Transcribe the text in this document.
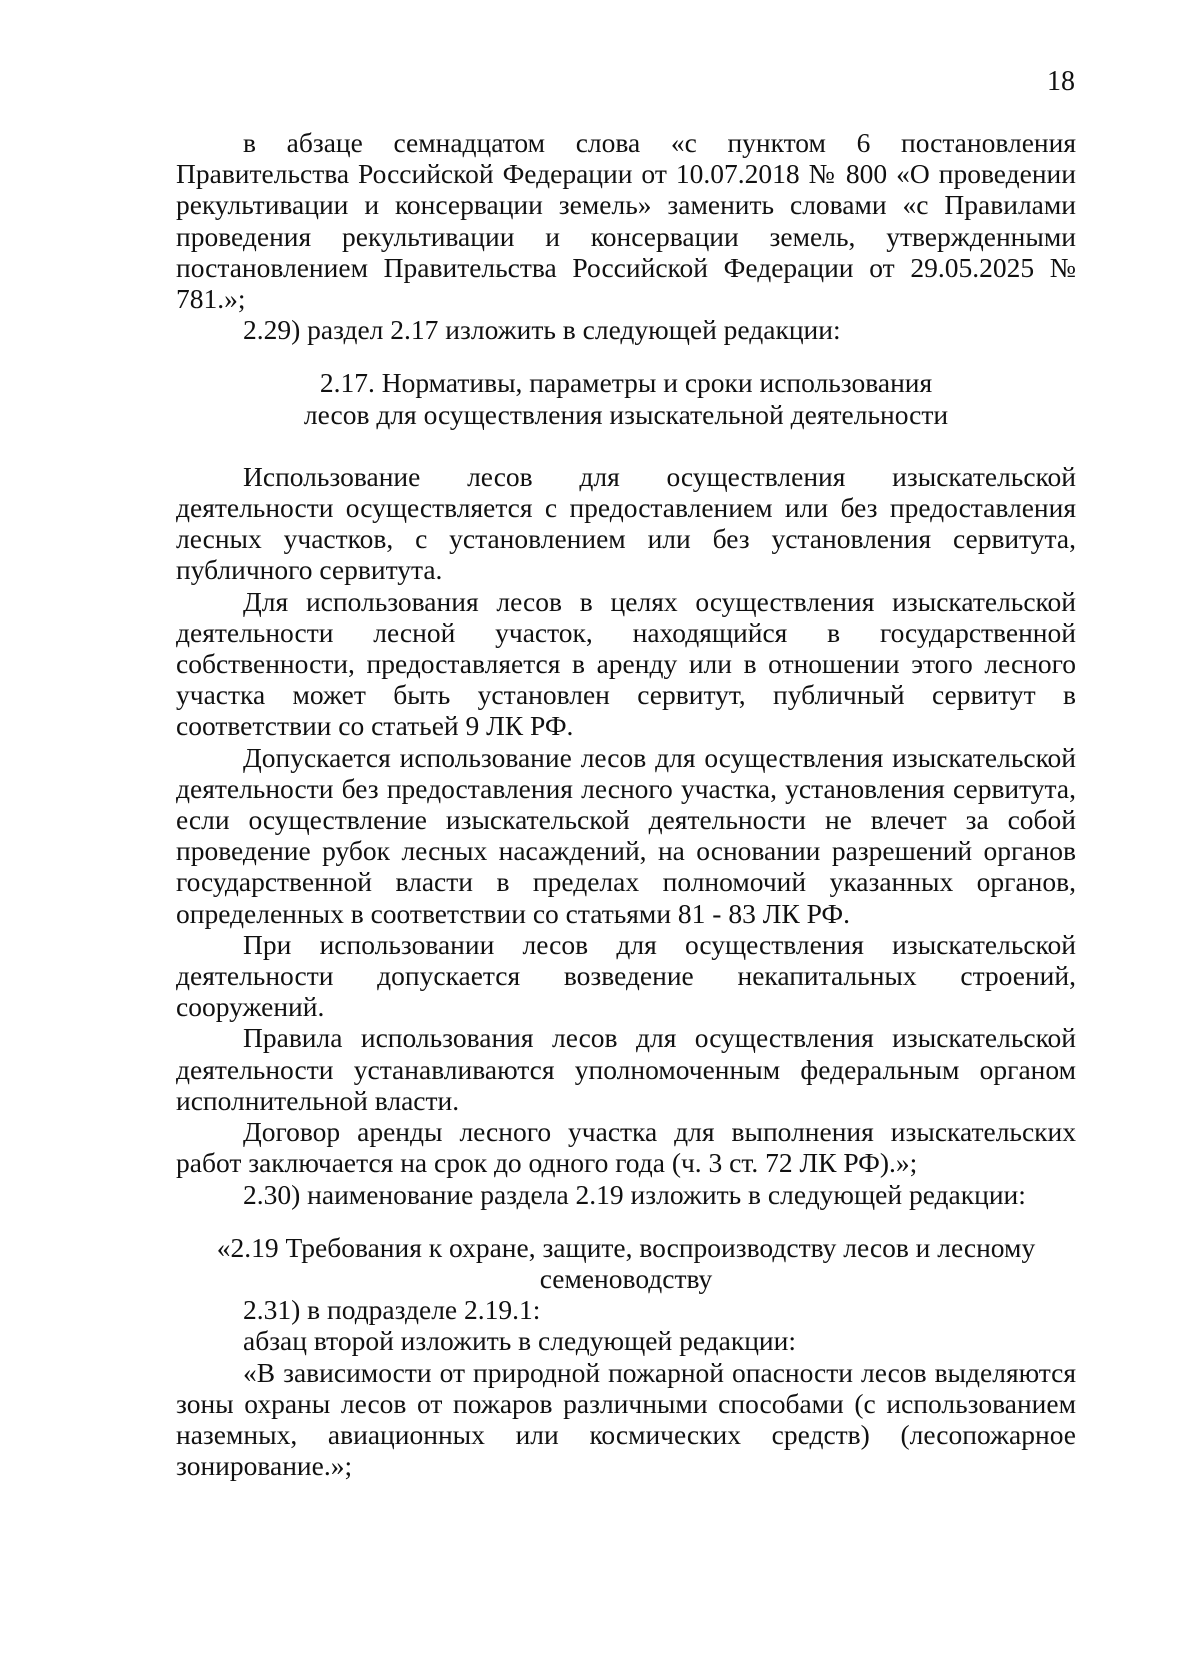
18

в абзаце семнадцатом слова «с пунктом 6 постановления Правительства Российской Федерации от 10.07.2018 № 800 «О проведении рекультивации и консервации земель» заменить словами «с Правилами проведения рекультивации и консервации земель, утвержденными постановлением Правительства Российской Федерации от 29.05.2025 № 781.»;

2.29) раздел 2.17 изложить в следующей редакции:

2.17. Нормативы, параметры и сроки использования

лесов для осуществления изыскательной деятельности

Использование лесов для осуществления изыскательской деятельности осуществляется с предоставлением или без предоставления лесных участков, с установлением или без установления сервитута, публичного сервитута.

Для использования лесов в целях осуществления изыскательской деятельности лесной участок, находящийся в государственной собственности, предоставляется в аренду или в отношении этого лесного участка может быть установлен сервитут, публичный сервитут в соответствии со статьей 9 ЛК РФ.

Допускается использование лесов для осуществления изыскательской деятельности без предоставления лесного участка, установления сервитута, если осуществление изыскательской деятельности не влечет за собой проведение рубок лесных насаждений, на основании разрешений органов государственной власти в пределах полномочий указанных органов, определенных в соответствии со статьями 81 - 83 ЛК РФ.

При использовании лесов для осуществления изыскательской деятельности допускается возведение некапитальных строений, сооружений.

Правила использования лесов для осуществления изыскательской деятельности устанавливаются уполномоченным федеральным органом исполнительной власти.

Договор аренды лесного участка для выполнения изыскательских работ заключается на срок до одного года (ч. 3 ст. 72 ЛК РФ).»;

2.30) наименование раздела 2.19 изложить в следующей редакции:

«2.19 Требования к охране, защите, воспроизводству лесов и лесному

семеноводству

2.31) в подразделе 2.19.1:

абзац второй изложить в следующей редакции:

«В зависимости от природной пожарной опасности лесов выделяются зоны охраны лесов от пожаров различными способами (с использованием наземных, авиационных или космических средств) (лесопожарное зонирование.»;
